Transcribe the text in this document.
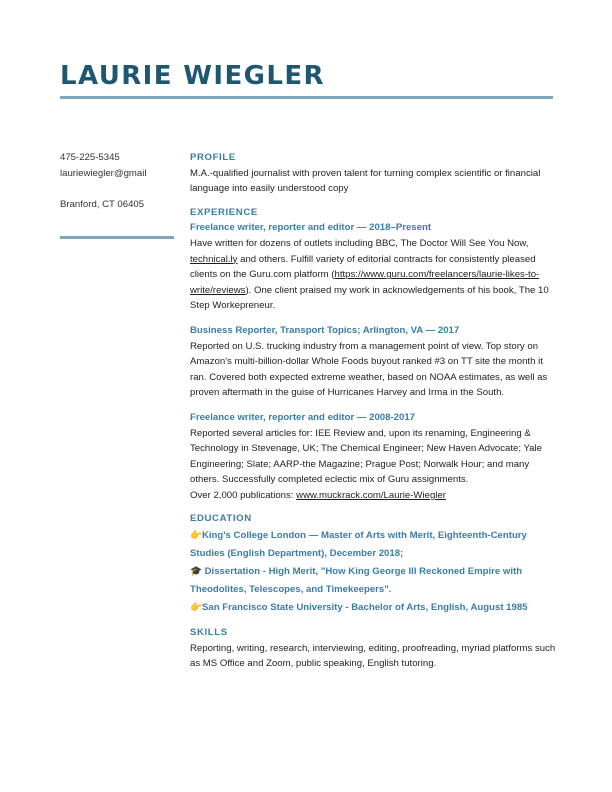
LAURIE WIEGLER
475-225-5345
lauriewiegler@gmail
Branford, CT 06405

PROFILE

M.A.-qualified journalist with proven talent for turning complex scientific or financial language into easily understood copy

EXPERIENCE

Freelance writer, reporter and editor — 2018–Present

Have written for dozens of outlets including BBC, The Doctor Will See You Now, technical.ly and others. Fulfill variety of editorial contracts for consistently pleased clients on the Guru.com platform (https://www.guru.com/freelancers/laurie-likes-to-write/reviews). One client praised my work in acknowledgements of his book, The 10 Step Workepreneur.

Business Reporter, Transport Topics; Arlington, VA — 2017

Reported on U.S. trucking industry from a management point of view. Top story on Amazon's multi-billion-dollar Whole Foods buyout ranked #3 on TT site the month it ran. Covered both expected extreme weather, based on NOAA estimates, as well as proven aftermath in the guise of Hurricanes Harvey and Irma in the South.

Freelance writer, reporter and editor — 2008-2017

Reported several articles for: IEE Review and, upon its renaming, Engineering & Technology in Stevenage, UK; The Chemical Engineer; New Haven Advocate; Yale Engineering; Slate; AARP-the Magazine; Prague Post; Norwalk Hour; and many others. Successfully completed eclectic mix of Guru assignments.

Over 2,000 publications: www.muckrack.com/Laurie-Wiegler

EDUCATION

👉King's College London — Master of Arts with Merit, Eighteenth-Century Studies (English Department), December 2018;

🎓 Dissertation - High Merit, "How King George III Reckoned Empire with Theodolites, Telescopes, and Timekeepers".

👉San Francisco State University - Bachelor of Arts, English, August 1985

SKILLS

Reporting, writing, research, interviewing, editing, proofreading, myriad platforms such as MS Office and Zoom, public speaking, English tutoring.
